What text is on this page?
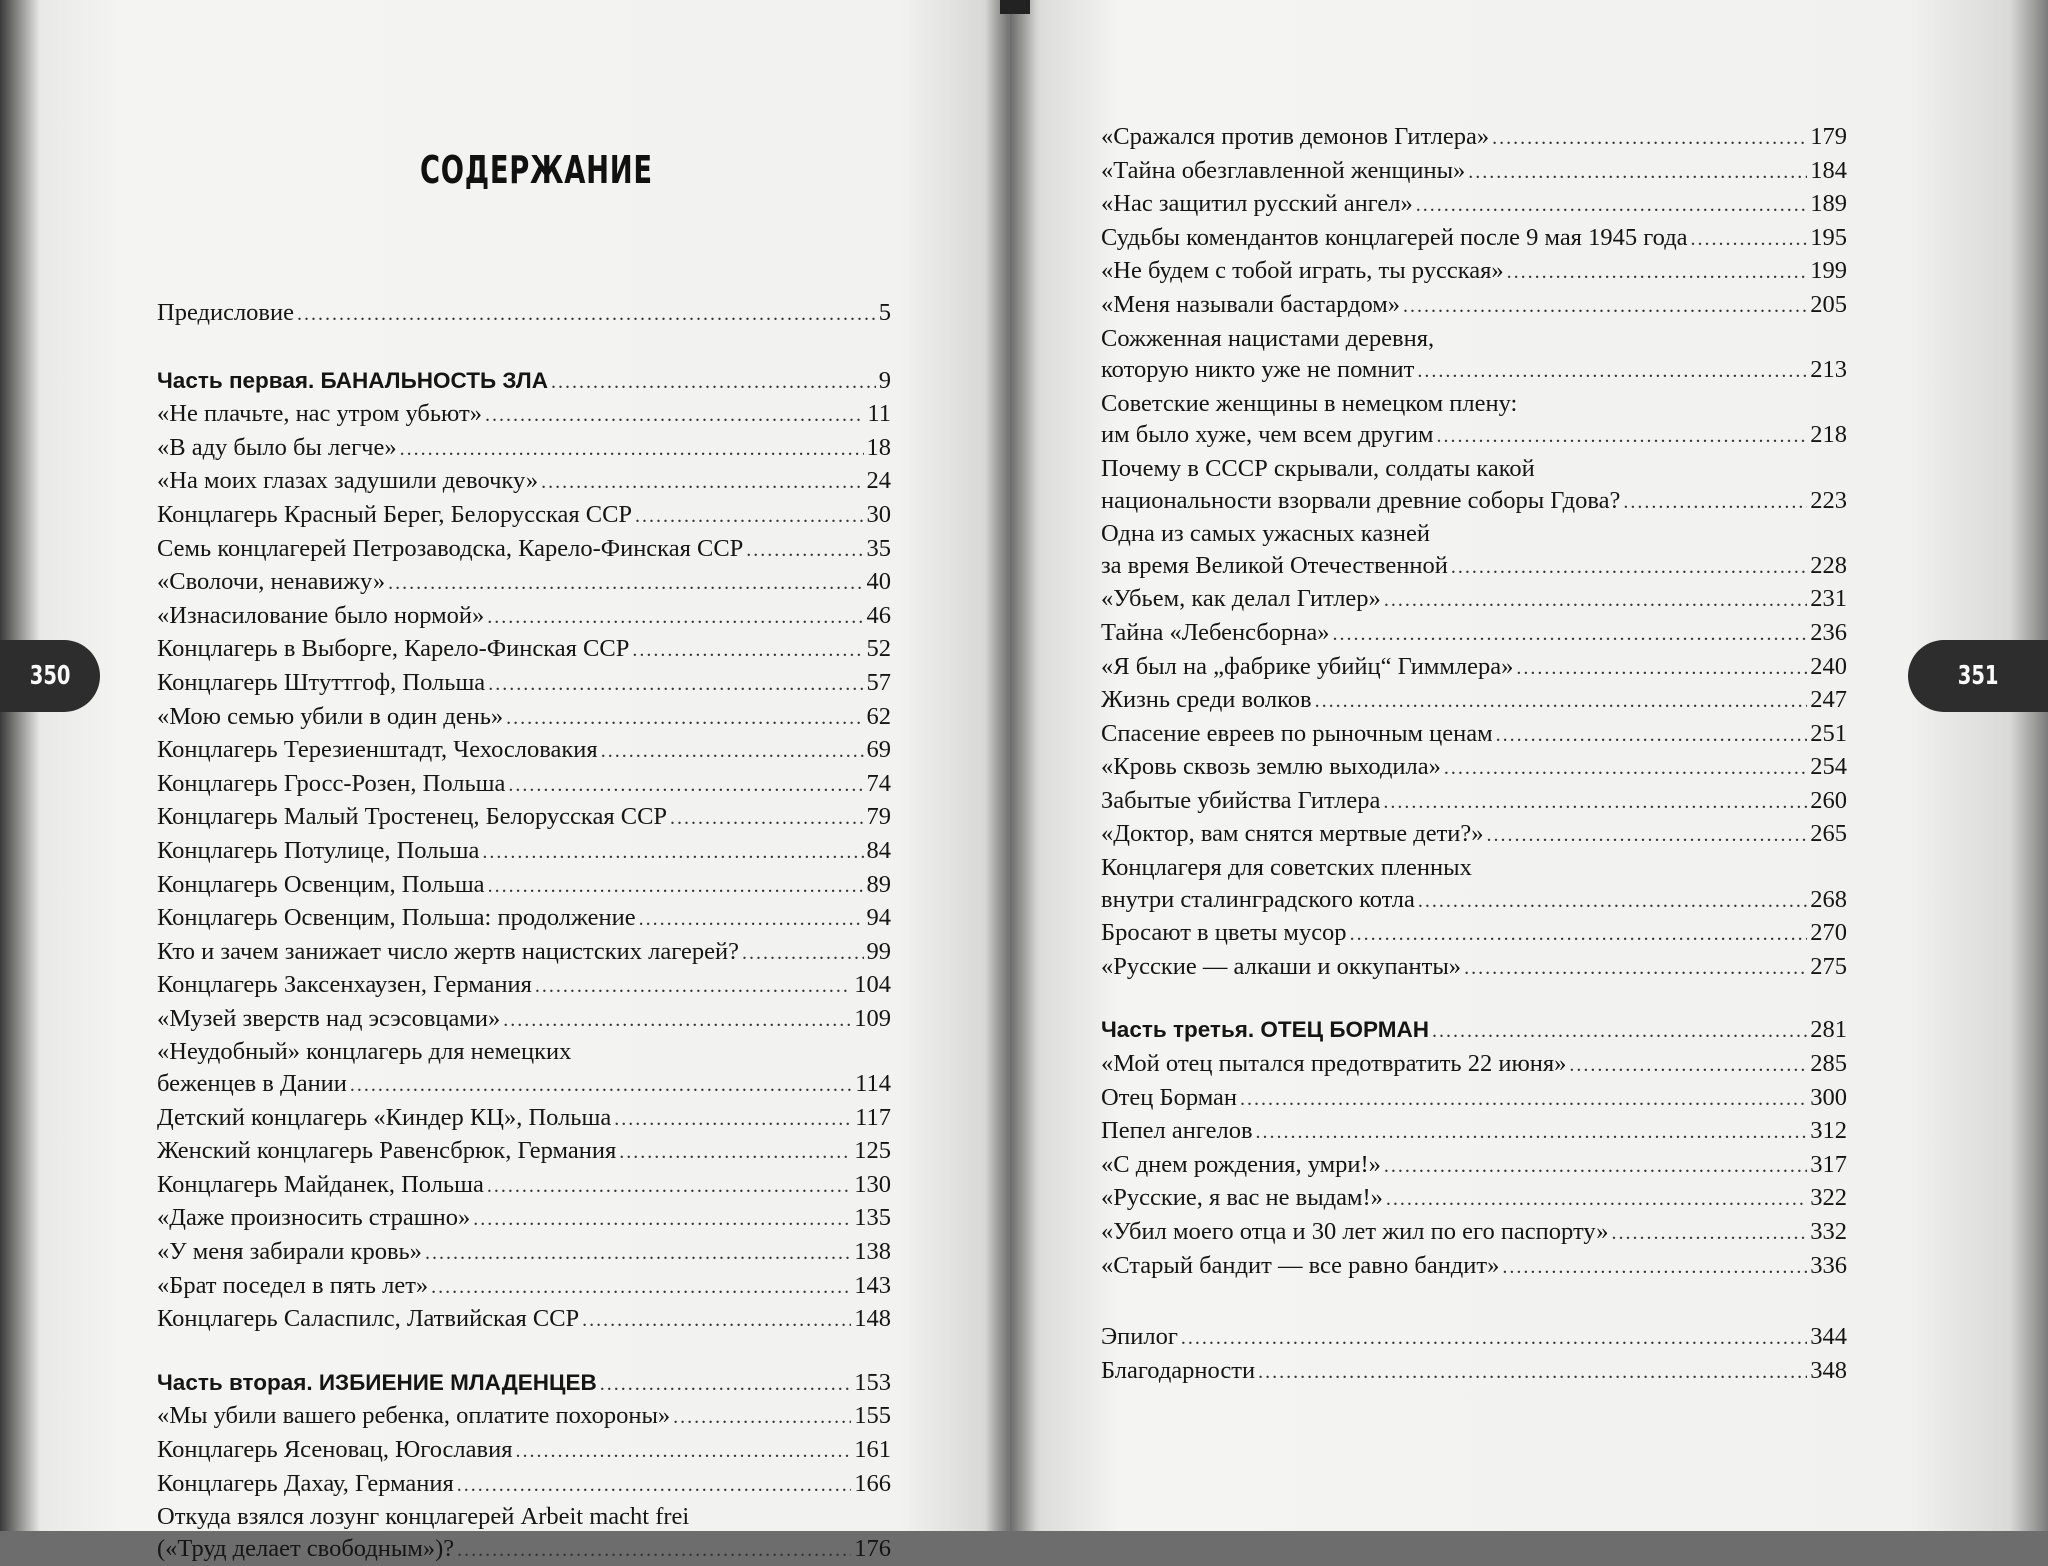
СОДЕРЖАНИЕ
350	351
Предисловие .....	5
Часть первая. БАНАЛЬНОСТЬ ЗЛА .....	9
«Не плачьте, нас утром убьют» .....	11
«В аду было бы легче» .....	18
«На моих глазах задушили девочку» .....	24
Концлагерь Красный Берег, Белорусская ССР .....	30
Семь концлагерей Петрозаводска, Карело-Финская ССР .....	35
«Сволочи, ненавижу» .....	40
«Изнасилование было нормой» .....	46
Концлагерь в Выборге, Карело-Финская ССР .....	52
Концлагерь Штуттгоф, Польша .....	57
«Мою семью убили в один день» .....	62
Концлагерь Терезиенштадт, Чехословакия .....	69
Концлагерь Гросс-Розен, Польша .....	74
Концлагерь Малый Тростенец, Белорусская ССР .....	79
Концлагерь Потулице, Польша .....	84
Концлагерь Освенцим, Польша .....	89
Концлагерь Освенцим, Польша: продолжение .....	94
Кто и зачем занижает число жертв нацистских лагерей? .....	99
Концлагерь Заксенхаузен, Германия .....	104
«Музей зверств над эсэсовцами» .....	109
«Неудобный» концлагерь для немецких
беженцев в Дании .....	114
Детский концлагерь «Киндер КЦ», Польша .....	117
Женский концлагерь Равенсбрюк, Германия .....	125
Концлагерь Майданек, Польша .....	130
«Даже произносить страшно» .....	135
«У меня забирали кровь» .....	138
«Брат поседел в пять лет» .....	143
Концлагерь Саласпилс, Латвийская ССР .....	148
Часть вторая. ИЗБИЕНИЕ МЛАДЕНЦЕВ .....	153
«Мы убили вашего ребенка, оплатите похороны» .....	155
Концлагерь Ясеновац, Югославия .....	161
Концлагерь Дахау, Германия .....	166
Откуда взялся лозунг концлагерей Arbeit macht frei
(«Труд делает свободным»)? .....	176
«Сражался против демонов Гитлера» .....	179
«Тайна обезглавленной женщины» .....	184
«Нас защитил русский ангел» .....	189
Судьбы комендантов концлагерей после 9 мая 1945 года .....	195
«Не будем с тобой играть, ты русская» .....	199
«Меня называли бастардом» .....	205
Сожженная нацистами деревня,
которую никто уже не помнит .....	213
Советские женщины в немецком плену:
им было хуже, чем всем другим .....	218
Почему в СССР скрывали, солдаты какой
национальности взорвали древние соборы Гдова? .....	223
Одна из самых ужасных казней
за время Великой Отечественной .....	228
«Убьем, как делал Гитлер» .....	231
Тайна «Лебенсборна» .....	236
«Я был на „фабрике убийц“ Гиммлера» .....	240
Жизнь среди волков .....	247
Спасение евреев по рыночным ценам .....	251
«Кровь сквозь землю выходила» .....	254
Забытые убийства Гитлера .....	260
«Доктор, вам снятся мертвые дети?» .....	265
Концлагеря для советских пленных
внутри сталинградского котла .....	268
Бросают в цветы мусор .....	270
«Русские — алкаши и оккупанты» .....	275
Часть третья. ОТЕЦ БОРМАН .....	281
«Мой отец пытался предотвратить 22 июня» .....	285
Отец Борман .....	300
Пепел ангелов .....	312
«С днем рождения, умри!» .....	317
«Русские, я вас не выдам!» .....	322
«Убил моего отца и 30 лет жил по его паспорту» .....	332
«Старый бандит — все равно бандит» .....	336
Эпилог .....	344
Благодарности .....	348
